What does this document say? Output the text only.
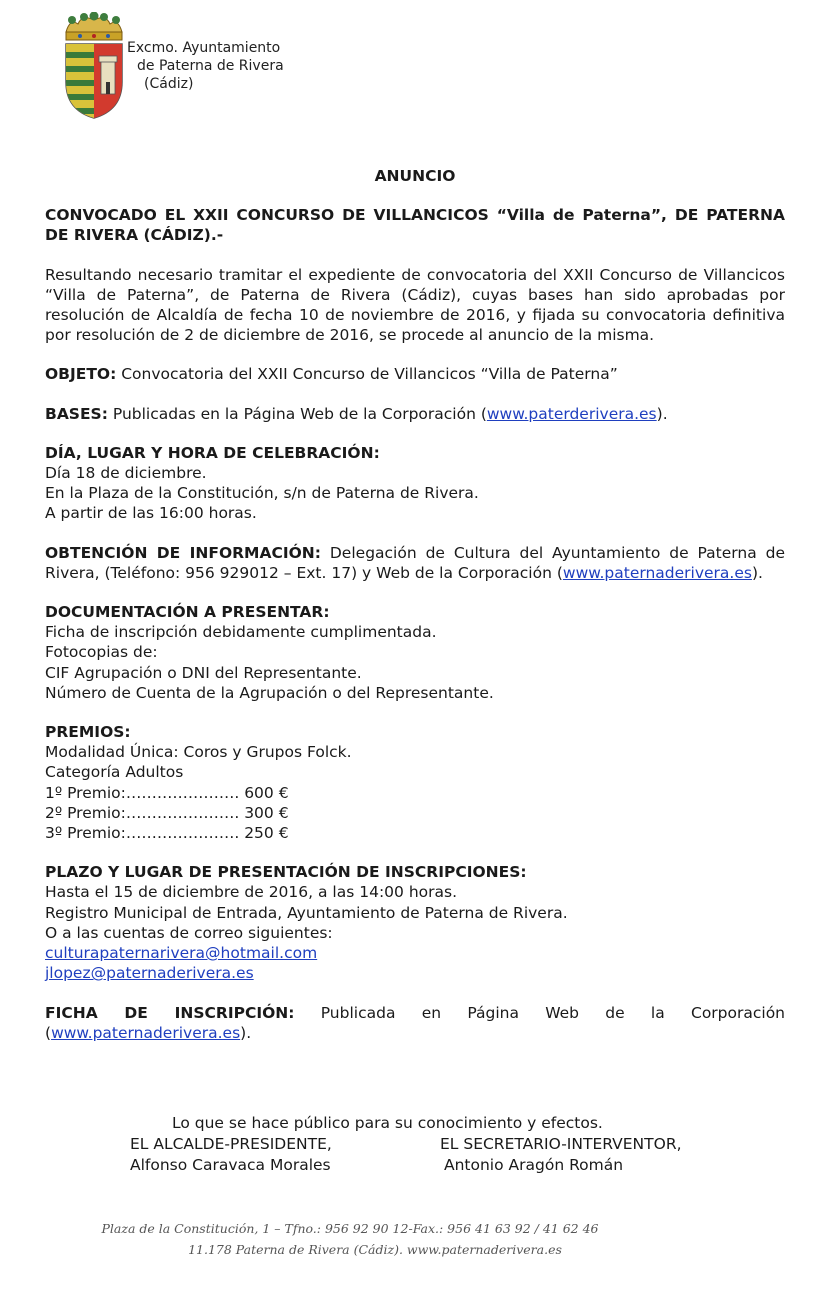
Excmo. Ayuntamiento
de Paterna de Rivera
(Cádiz)
ANUNCIO
CONVOCADO EL XXII CONCURSO DE VILLANCICOS “Villa de Paterna”, DE PATERNA DE RIVERA (CÁDIZ).-
Resultando necesario tramitar el expediente de convocatoria del XXII Concurso de Villancicos “Villa de Paterna”, de Paterna de Rivera (Cádiz), cuyas bases han sido aprobadas por resolución de Alcaldía de fecha 10 de noviembre de 2016, y fijada su convocatoria definitiva por resolución de 2 de diciembre de 2016, se procede al anuncio de la misma.
OBJETO: Convocatoria del XXII Concurso de Villancicos “Villa de Paterna”
BASES: Publicadas en la Página Web de la Corporación (www.paterderivera.es).
DÍA, LUGAR Y HORA DE CELEBRACIÓN:
Día 18 de diciembre.
En la Plaza de la Constitución, s/n de Paterna de Rivera.
A partir de las 16:00 horas.
OBTENCIÓN DE INFORMACIÓN: Delegación de Cultura del Ayuntamiento de Paterna de Rivera, (Teléfono: 956 929012 – Ext. 17) y Web de la Corporación (www.paternaderivera.es).
DOCUMENTACIÓN A PRESENTAR:
Ficha de inscripción debidamente cumplimentada.
Fotocopias de:
CIF Agrupación o DNI del Representante.
Número de Cuenta de la Agrupación o del Representante.
PREMIOS:
Modalidad Única: Coros y Grupos Folck.
Categoría Adultos
1º Premio:…………………. 600 €
2º Premio:…………………. 300 €
3º Premio:…………………. 250 €
PLAZO Y LUGAR DE PRESENTACIÓN DE INSCRIPCIONES:
Hasta el 15 de diciembre de 2016, a las 14:00 horas.
Registro Municipal de Entrada, Ayuntamiento de Paterna de Rivera.
O a las cuentas de correo siguientes:
culturapaternarivera@hotmail.com
jlopez@paternaderivera.es
FICHA DE INSCRIPCIÓN: Publicada en Página Web de la Corporación (www.paternaderivera.es).
Lo que se hace público para su conocimiento y efectos.
EL ALCALDE-PRESIDENTE,	EL SECRETARIO-INTERVENTOR,
Alfonso Caravaca Morales	Antonio Aragón Román
Plaza de la Constitución, 1 – Tfno.: 956 92 90 12-Fax.: 956 41 63 92 / 41 62 46
11.178 Paterna de Rivera (Cádiz). www.paternaderivera.es
